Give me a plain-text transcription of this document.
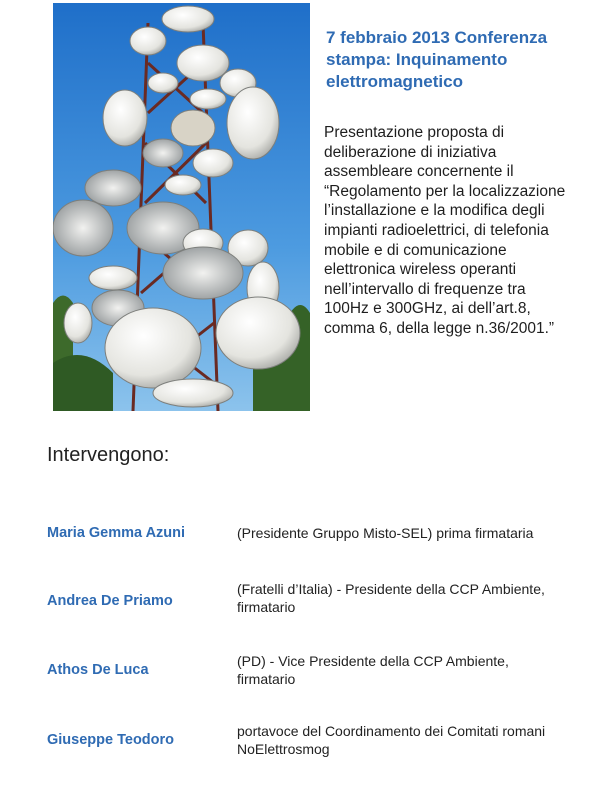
7 febbraio 2013 Conferenza
stampa: Inquinamento
elettromagnetico
Presentazione proposta di
deliberazione di iniziativa
assembleare concernente il
“Regolamento per la localizzazione
l’installazione e la modifica degli
impianti radioelettrici, di telefonia
mobile e di comunicazione
elettronica wireless operanti
nell’intervallo di frequenze tra
100Hz e 300GHz, ai dell’art.8,
comma 6, della legge n.36/2001.”
Intervengono:
Maria Gemma Azuni	(Presidente Gruppo Misto-SEL) prima firmataria
Andrea De Priamo
(Fratelli d’Italia) - Presidente della CCP Ambiente,
firmatario
Athos De Luca
(PD) - Vice Presidente della CCP Ambiente,
firmatario
Giuseppe Teodoro
portavoce del Coordinamento dei Comitati romani
NoElettrosmog
